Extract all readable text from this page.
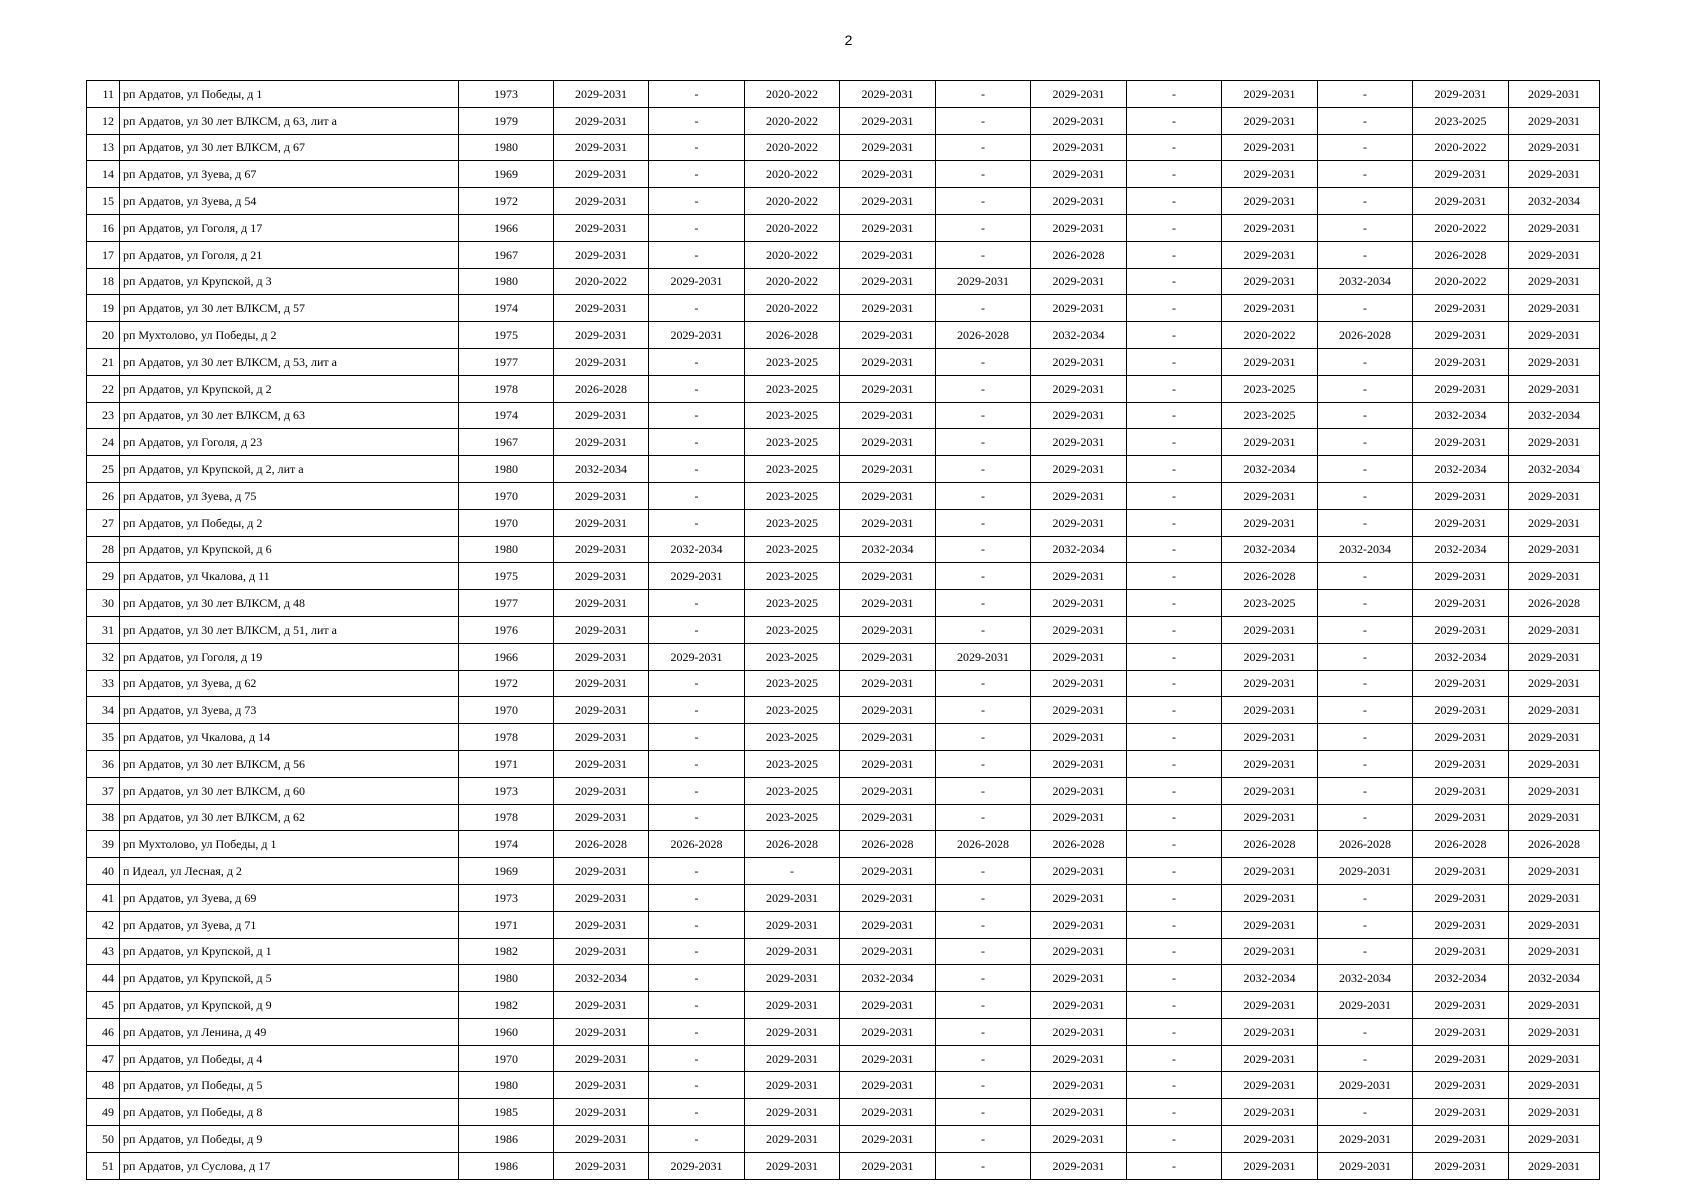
2
11	рп Ардатов, ул Победы, д 1	1973	2029-2031	-	2020-2022	2029-2031	-	2029-2031	-	2029-2031	-	2029-2031	2029-2031
12	рп Ардатов, ул 30 лет ВЛКСМ, д 63, лит а	1979	2029-2031	-	2020-2022	2029-2031	-	2029-2031	-	2029-2031	-	2023-2025	2029-2031
13	рп Ардатов, ул 30 лет ВЛКСМ, д 67	1980	2029-2031	-	2020-2022	2029-2031	-	2029-2031	-	2029-2031	-	2020-2022	2029-2031
14	рп Ардатов, ул Зуева, д 67	1969	2029-2031	-	2020-2022	2029-2031	-	2029-2031	-	2029-2031	-	2029-2031	2029-2031
15	рп Ардатов, ул Зуева, д 54	1972	2029-2031	-	2020-2022	2029-2031	-	2029-2031	-	2029-2031	-	2029-2031	2032-2034
16	рп Ардатов, ул Гоголя, д 17	1966	2029-2031	-	2020-2022	2029-2031	-	2029-2031	-	2029-2031	-	2020-2022	2029-2031
17	рп Ардатов, ул Гоголя, д 21	1967	2029-2031	-	2020-2022	2029-2031	-	2026-2028	-	2029-2031	-	2026-2028	2029-2031
18	рп Ардатов, ул Крупской, д 3	1980	2020-2022	2029-2031	2020-2022	2029-2031	2029-2031	2029-2031	-	2029-2031	2032-2034	2020-2022	2029-2031
19	рп Ардатов, ул 30 лет ВЛКСМ, д 57	1974	2029-2031	-	2020-2022	2029-2031	-	2029-2031	-	2029-2031	-	2029-2031	2029-2031
20	рп Мухтолово, ул Победы, д 2	1975	2029-2031	2029-2031	2026-2028	2029-2031	2026-2028	2032-2034	-	2020-2022	2026-2028	2029-2031	2029-2031
21	рп Ардатов, ул 30 лет ВЛКСМ, д 53, лит а	1977	2029-2031	-	2023-2025	2029-2031	-	2029-2031	-	2029-2031	-	2029-2031	2029-2031
22	рп Ардатов, ул Крупской, д 2	1978	2026-2028	-	2023-2025	2029-2031	-	2029-2031	-	2023-2025	-	2029-2031	2029-2031
23	рп Ардатов, ул 30 лет ВЛКСМ, д 63	1974	2029-2031	-	2023-2025	2029-2031	-	2029-2031	-	2023-2025	-	2032-2034	2032-2034
24	рп Ардатов, ул Гоголя, д 23	1967	2029-2031	-	2023-2025	2029-2031	-	2029-2031	-	2029-2031	-	2029-2031	2029-2031
25	рп Ардатов, ул Крупской, д 2, лит а	1980	2032-2034	-	2023-2025	2029-2031	-	2029-2031	-	2032-2034	-	2032-2034	2032-2034
26	рп Ардатов, ул Зуева, д 75	1970	2029-2031	-	2023-2025	2029-2031	-	2029-2031	-	2029-2031	-	2029-2031	2029-2031
27	рп Ардатов, ул Победы, д 2	1970	2029-2031	-	2023-2025	2029-2031	-	2029-2031	-	2029-2031	-	2029-2031	2029-2031
28	рп Ардатов, ул Крупской, д 6	1980	2029-2031	2032-2034	2023-2025	2032-2034	-	2032-2034	-	2032-2034	2032-2034	2032-2034	2029-2031
29	рп Ардатов, ул Чкалова, д 11	1975	2029-2031	2029-2031	2023-2025	2029-2031	-	2029-2031	-	2026-2028	-	2029-2031	2029-2031
30	рп Ардатов, ул 30 лет ВЛКСМ, д 48	1977	2029-2031	-	2023-2025	2029-2031	-	2029-2031	-	2023-2025	-	2029-2031	2026-2028
31	рп Ардатов, ул 30 лет ВЛКСМ, д 51, лит а	1976	2029-2031	-	2023-2025	2029-2031	-	2029-2031	-	2029-2031	-	2029-2031	2029-2031
32	рп Ардатов, ул Гоголя, д 19	1966	2029-2031	2029-2031	2023-2025	2029-2031	2029-2031	2029-2031	-	2029-2031	-	2032-2034	2029-2031
33	рп Ардатов, ул Зуева, д 62	1972	2029-2031	-	2023-2025	2029-2031	-	2029-2031	-	2029-2031	-	2029-2031	2029-2031
34	рп Ардатов, ул Зуева, д 73	1970	2029-2031	-	2023-2025	2029-2031	-	2029-2031	-	2029-2031	-	2029-2031	2029-2031
35	рп Ардатов, ул Чкалова, д 14	1978	2029-2031	-	2023-2025	2029-2031	-	2029-2031	-	2029-2031	-	2029-2031	2029-2031
36	рп Ардатов, ул 30 лет ВЛКСМ, д 56	1971	2029-2031	-	2023-2025	2029-2031	-	2029-2031	-	2029-2031	-	2029-2031	2029-2031
37	рп Ардатов, ул 30 лет ВЛКСМ, д 60	1973	2029-2031	-	2023-2025	2029-2031	-	2029-2031	-	2029-2031	-	2029-2031	2029-2031
38	рп Ардатов, ул 30 лет ВЛКСМ, д 62	1978	2029-2031	-	2023-2025	2029-2031	-	2029-2031	-	2029-2031	-	2029-2031	2029-2031
39	рп Мухтолово, ул Победы, д 1	1974	2026-2028	2026-2028	2026-2028	2026-2028	2026-2028	2026-2028	-	2026-2028	2026-2028	2026-2028	2026-2028
40	п Идеал, ул Лесная, д 2	1969	2029-2031	-	-	2029-2031	-	2029-2031	-	2029-2031	2029-2031	2029-2031	2029-2031
41	рп Ардатов, ул Зуева, д 69	1973	2029-2031	-	2029-2031	2029-2031	-	2029-2031	-	2029-2031	-	2029-2031	2029-2031
42	рп Ардатов, ул Зуева, д 71	1971	2029-2031	-	2029-2031	2029-2031	-	2029-2031	-	2029-2031	-	2029-2031	2029-2031
43	рп Ардатов, ул Крупской, д 1	1982	2029-2031	-	2029-2031	2029-2031	-	2029-2031	-	2029-2031	-	2029-2031	2029-2031
44	рп Ардатов, ул Крупской, д 5	1980	2032-2034	-	2029-2031	2032-2034	-	2029-2031	-	2032-2034	2032-2034	2032-2034	2032-2034
45	рп Ардатов, ул Крупской, д 9	1982	2029-2031	-	2029-2031	2029-2031	-	2029-2031	-	2029-2031	2029-2031	2029-2031	2029-2031
46	рп Ардатов, ул Ленина, д 49	1960	2029-2031	-	2029-2031	2029-2031	-	2029-2031	-	2029-2031	-	2029-2031	2029-2031
47	рп Ардатов, ул Победы, д 4	1970	2029-2031	-	2029-2031	2029-2031	-	2029-2031	-	2029-2031	-	2029-2031	2029-2031
48	рп Ардатов, ул Победы, д 5	1980	2029-2031	-	2029-2031	2029-2031	-	2029-2031	-	2029-2031	2029-2031	2029-2031	2029-2031
49	рп Ардатов, ул Победы, д 8	1985	2029-2031	-	2029-2031	2029-2031	-	2029-2031	-	2029-2031	-	2029-2031	2029-2031
50	рп Ардатов, ул Победы, д 9	1986	2029-2031	-	2029-2031	2029-2031	-	2029-2031	-	2029-2031	2029-2031	2029-2031	2029-2031
51	рп Ардатов, ул Суслова, д 17	1986	2029-2031	2029-2031	2029-2031	2029-2031	-	2029-2031	-	2029-2031	2029-2031	2029-2031	2029-2031
